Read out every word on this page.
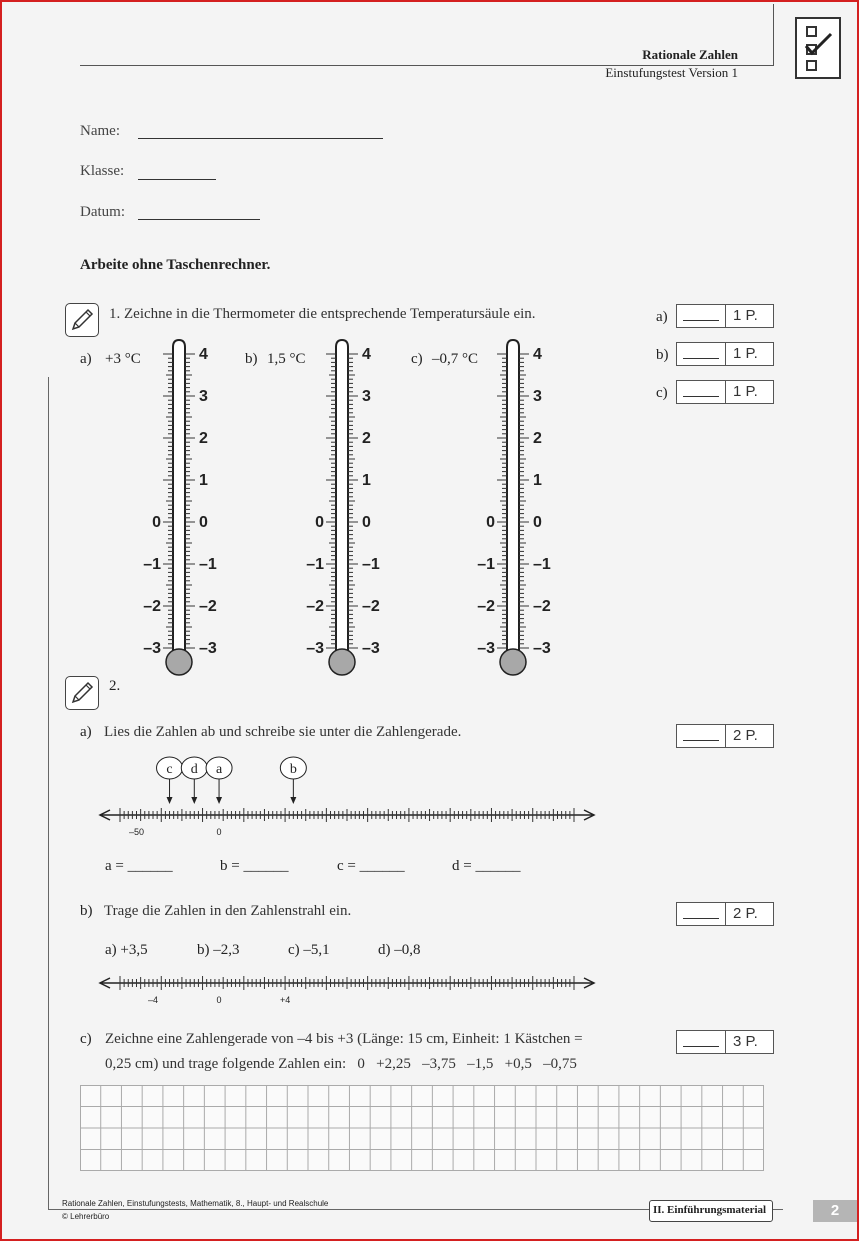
Rationale Zahlen
Einstufungstest Version 1
Name:
Klasse:
Datum:
Arbeite ohne Taschenrechner.
1. Zeichne in die Thermometer die entsprechende Temperatursäule ein.
a) +3 °C	4
3
2
1
0
0
–1
–1
–2
–2
–3
–3
b) 1,5 °C	4
3
2
1
0
0
–1
–1
–2
–2
–3
–3
c) –0,7 °C	4
3
2
1
0
0
–1
–1
–2
–2
–3
–3
a)	1 P.
b)	1 P.
c)	1 P.
2.
a) Lies die Zahlen ab und schreibe sie unter die Zahlengerade.	2 P.
–50	0
c d a	b
a = ______	b = ______	c = ______	d = ______
b) Trage die Zahlen in den Zahlenstrahl ein.	2 P.
a) +3,5	b) –2,3	c) –5,1	d) –0,8
–4	0	+4
c) Zeichne eine Zahlengerade von –4 bis +3 (Länge: 15 cm, Einheit: 1 Kästchen =
0,25 cm) und trage folgende Zahlen ein:   0   +2,25   –3,75   –1,5   +0,5   –0,75
3 P.
Rationale Zahlen, Einstufungstests, Mathematik, 8., Haupt- und Realschule
© Lehrerbüro
II. Einführungsmaterial	2
